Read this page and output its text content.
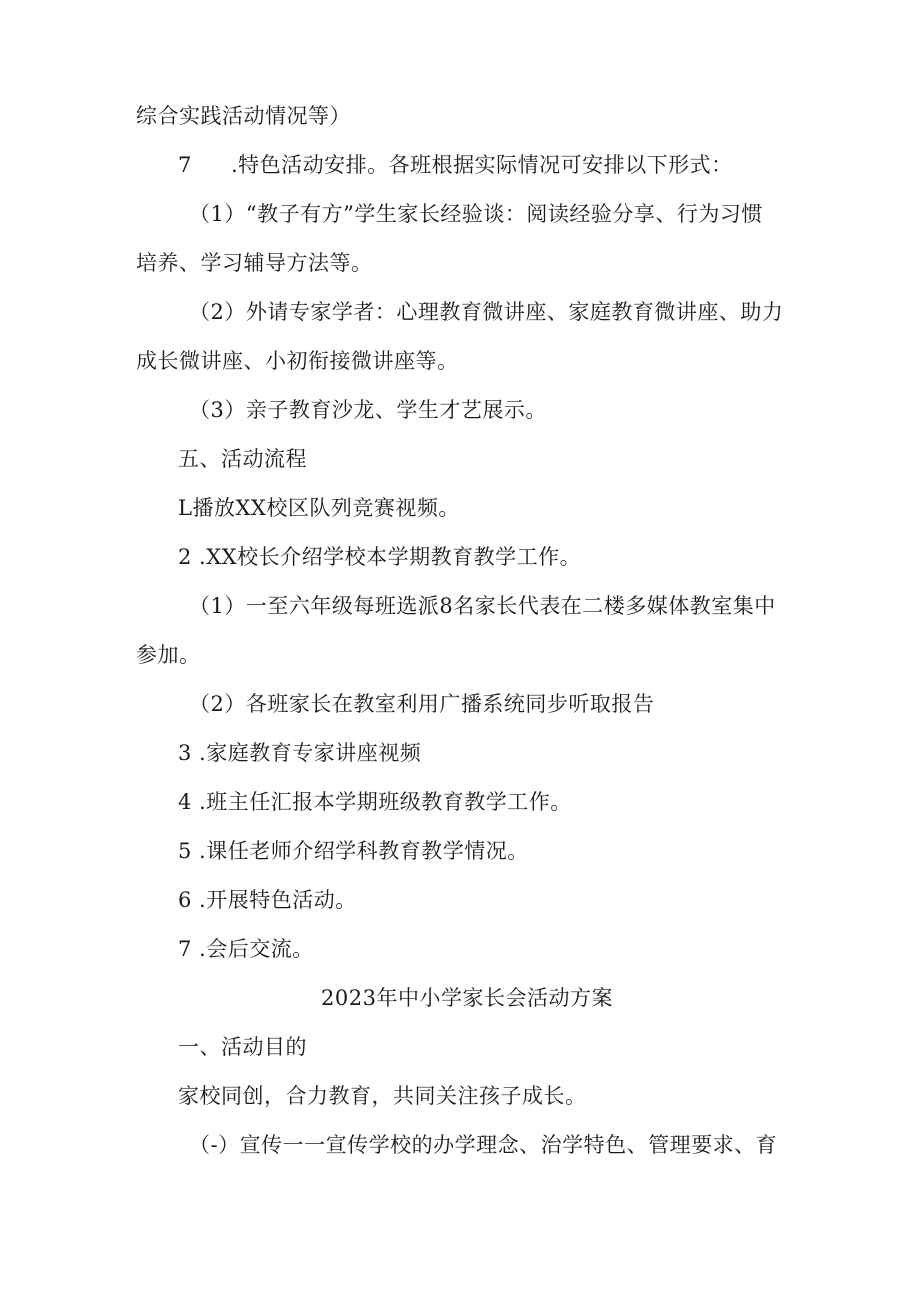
综合实践活动情况等）
7 .特色活动安排。各班根据实际情况可安排以下形式：
（1）“教子有方”学生家长经验谈：阅读经验分享、行为习惯
培养、学习辅导方法等。
（2）外请专家学者：心理教育微讲座、家庭教育微讲座、助力
成长微讲座、小初衔接微讲座等。
（3）亲子教育沙龙、学生才艺展示。
五、活动流程
L播放XX校区队列竞赛视频。
2 .XX校长介绍学校本学期教育教学工作。
（1）一至六年级每班选派8名家长代表在二楼多媒体教室集中
参加。
（2）各班家长在教室利用广播系统同步听取报告
3 .家庭教育专家讲座视频
4 .班主任汇报本学期班级教育教学工作。
5 .课任老师介绍学科教育教学情况。
6 .开展特色活动。
7 .会后交流。
2023年中小学家长会活动方案
一、活动目的
家校同创，合力教育，共同关注孩子成长。
（-）宣传一一宣传学校的办学理念、治学特色、管理要求、育
